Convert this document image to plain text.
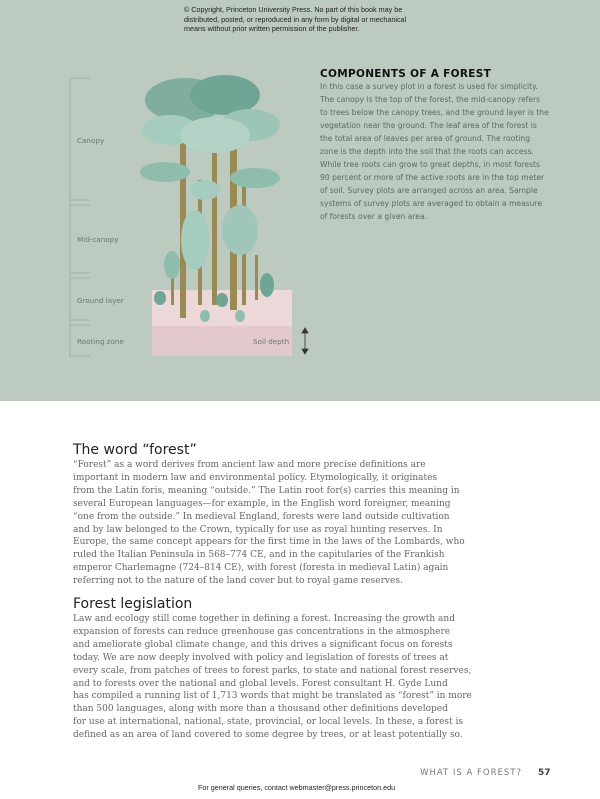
© Copyright, Princeton University Press. No part of this book may be
distributed, posted, or reproduced in any form by digital or mechanical
means without prior written permission of the publisher.
Canopy
Mid-canopy
Ground layer
Rooting zone	Soil depth
COMPONENTS OF A FOREST
In this case a survey plot in a forest is used for simplicity.
The canopy is the top of the forest, the mid-canopy refers
to trees below the canopy trees, and the ground layer is the
vegetation near the ground. The leaf area of the forest is
the total area of leaves per area of ground. The rooting
zone is the depth into the soil that the roots can access.
While tree roots can grow to great depths, in most forests
90 percent or more of the active roots are in the top meter
of soil. Survey plots are arranged across an area. Sample
systems of survey plots are averaged to obtain a measure
of forests over a given area.
The word “forest”
“Forest” as a word derives from ancient law and more precise definitions are
important in modern law and environmental policy. Etymologically, it originates
from the Latin foris, meaning “outside.” The Latin root for(s) carries this meaning in
several European languages—for example, in the English word foreigner, meaning
“one from the outside.” In medieval England, forests were land outside cultivation
and by law belonged to the Crown, typically for use as royal hunting reserves. In
Europe, the same concept appears for the first time in the laws of the Lombards, who
ruled the Italian Peninsula in 568–774 CE, and in the capitularies of the Frankish
emperor Charlemagne (724–814 CE), with forest (foresta in medieval Latin) again
referring not to the nature of the land cover but to royal game reserves.
Forest legislation
Law and ecology still come together in defining a forest. Increasing the growth and
expansion of forests can reduce greenhouse gas concentrations in the atmosphere
and ameliorate global climate change, and this drives a significant focus on forests
today. We are now deeply involved with policy and legislation of forests of trees at
every scale, from patches of trees to forest parks, to state and national forest reserves,
and to forests over the national and global levels. Forest consultant H. Gyde Lund
has compiled a running list of 1,713 words that might be translated as “forest” in more
than 500 languages, along with more than a thousand other definitions developed
for use at international, national, state, provincial, or local levels. In these, a forest is
defined as an area of land covered to some degree by trees, or at least potentially so.
WHAT IS A FOREST? 57
For general queries, contact webmaster@press.princeton.edu
